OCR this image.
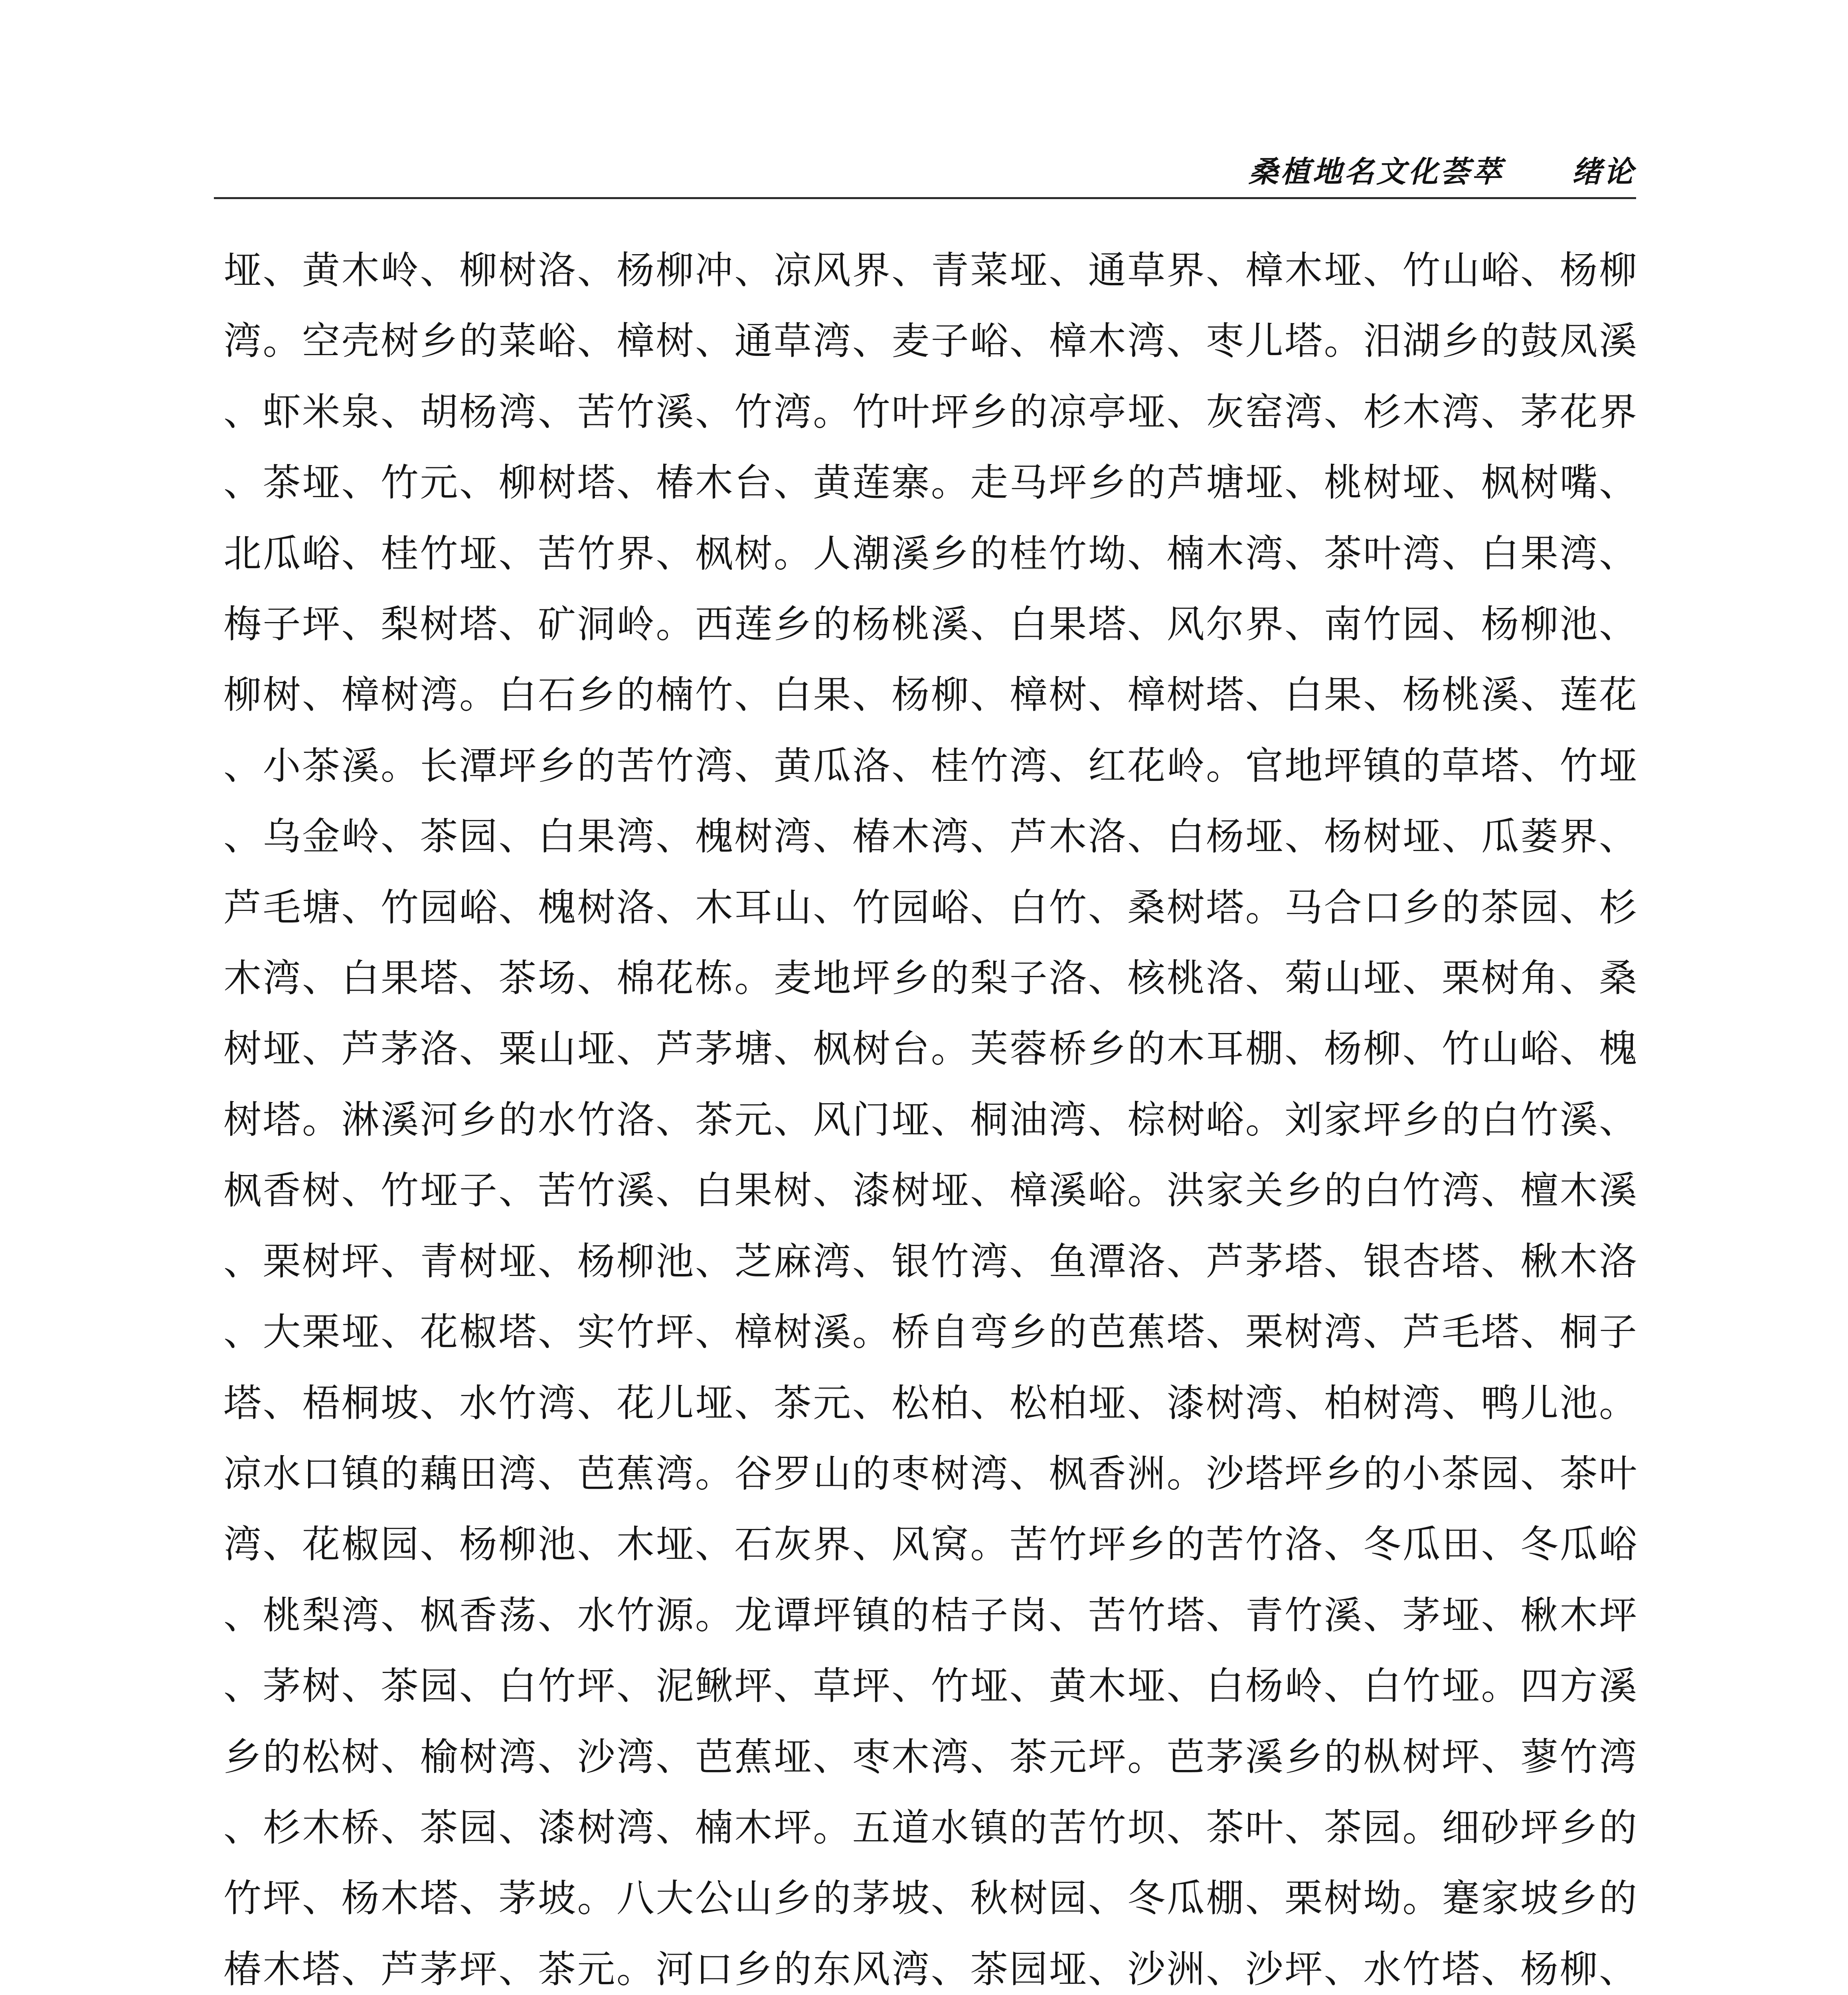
桑植地名文化荟萃 绪论

垭、黄木岭、柳树洛、杨柳冲、凉风界、青菜垭、通草界、樟木垭、竹山峪、杨柳湾。空壳树乡的菜峪、樟树、通草湾、麦子峪、樟木湾、枣儿塔。汨湖乡的鼓凤溪、虾米泉、胡杨湾、苦竹溪、竹湾。竹叶坪乡的凉亭垭、灰窑湾、杉木湾、茅花界、茶垭、竹元、柳树塔、椿木台、黄莲寨。走马坪乡的芦塘垭、桃树垭、枫树嘴、北瓜峪、桂竹垭、苦竹界、枫树。人潮溪乡的桂竹坳、楠木湾、茶叶湾、白果湾、梅子坪、梨树塔、矿洞岭。西莲乡的杨桃溪、白果塔、风尔界、南竹园、杨柳池、柳树、樟树湾。白石乡的楠竹、白果、杨柳、樟树、樟树塔、白果、杨桃溪、莲花、小茶溪。长潭坪乡的苦竹湾、黄瓜洛、桂竹湾、红花岭。官地坪镇的草塔、竹垭、乌金岭、茶园、白果湾、槐树湾、椿木湾、芦木洛、白杨垭、杨树垭、瓜蒌界、芦毛塘、竹园峪、槐树洛、木耳山、竹园峪、白竹、桑树塔。马合口乡的茶园、杉木湾、白果塔、茶场、棉花栋。麦地坪乡的梨子洛、核桃洛、菊山垭、栗树角、桑树垭、芦茅洛、粟山垭、芦茅塘、枫树台。芙蓉桥乡的木耳棚、杨柳、竹山峪、槐树塔。淋溪河乡的水竹洛、茶元、风门垭、桐油湾、棕树峪。刘家坪乡的白竹溪、枫香树、竹垭子、苦竹溪、白果树、漆树垭、樟溪峪。洪家关乡的白竹湾、檀木溪、栗树坪、青树垭、杨柳池、芝麻湾、银竹湾、鱼潭洛、芦茅塔、银杏塔、楸木洛、大栗垭、花椒塔、实竹坪、樟树溪。桥自弯乡的芭蕉塔、栗树湾、芦毛塔、桐子塔、梧桐坡、水竹湾、花儿垭、茶元、松柏、松柏垭、漆树湾、柏树湾、鸭儿池。凉水口镇的藕田湾、芭蕉湾。谷罗山的枣树湾、枫香洲。沙塔坪乡的小茶园、茶叶湾、花椒园、杨柳池、木垭、石灰界、风窝。苦竹坪乡的苦竹洛、冬瓜田、冬瓜峪、桃梨湾、枫香荡、水竹源。龙谭坪镇的桔子岗、苦竹塔、青竹溪、茅垭、楸木坪、茅树、茶园、白竹坪、泥鳅坪、草坪、竹垭、黄木垭、白杨岭、白竹垭。四方溪乡的松树、榆树湾、沙湾、芭蕉垭、枣木湾、茶元坪。芭茅溪乡的枞树坪、蓼竹湾、杉木桥、茶园、漆树湾、楠木坪。五道水镇的苦竹坝、茶叶、茶园。细砂坪乡的竹坪、杨木塔、茅坡。八大公山乡的茅坡、秋树园、冬瓜棚、栗树坳。蹇家坡乡的椿木塔、芦茅坪、茶元。河口乡的东风湾、茶园垭、沙洲、沙坪、水竹塔、杨柳、
